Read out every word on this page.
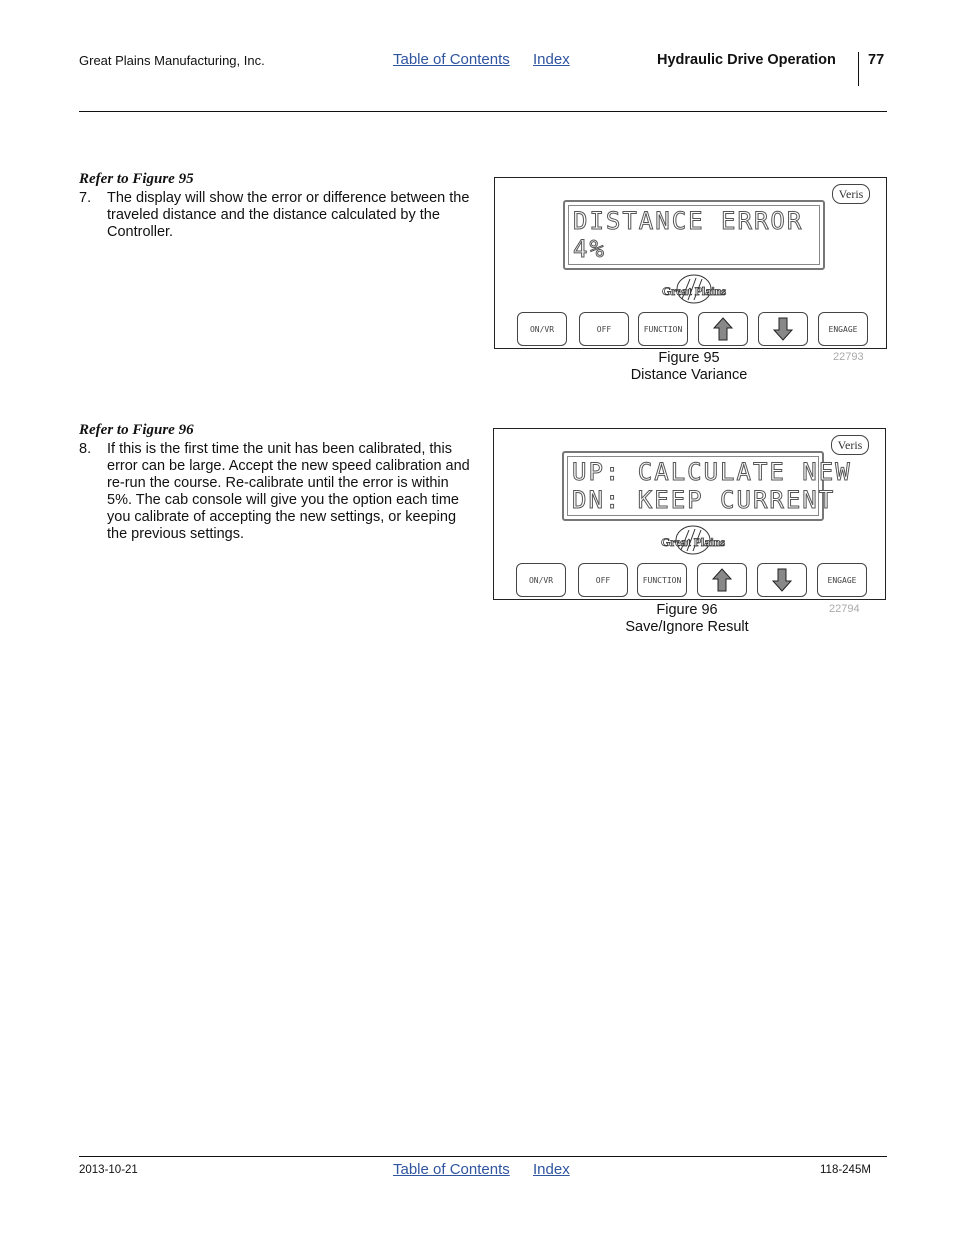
Great Plains Manufacturing, Inc.	Table of Contents Index	Hydraulic Drive Operation 77
Refer to Figure 95
7. The display will show the error or difference between the traveled distance and the distance calculated by the Controller.	DISTANCE ERROR
4%
Veris
Great Plains
ON/VR	OFF	FUNCTION	ENGAGE
Figure 95
Distance Variance
22793
Refer to Figure 96
8. If this is the first time the unit has been calibrated, this error can be large. Accept the new speed calibration and re-run the course. Re-calibrate until the error is within 5%. The cab console will give you the option each time you calibrate of accepting the new settings, or keeping the previous settings.
UP: CALCULATE NEW
DN: KEEP CURRENT
Veris
Great Plains
ON/VR	OFF	FUNCTION	ENGAGE
Figure 96
Save/Ignore Result
22794
2013-10-21	Table of Contents Index	118-245M
